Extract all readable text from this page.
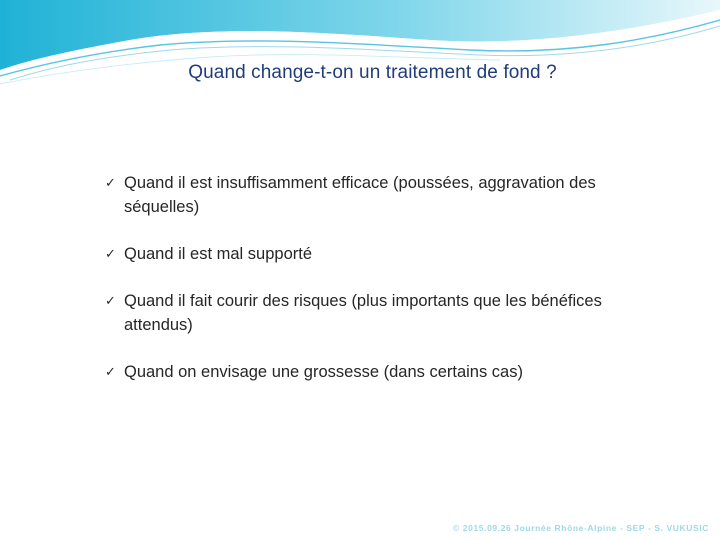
Quand change-t-on un traitement de fond ?
✓ Quand il est insuffisamment efficace (poussées, aggravation des séquelles)
✓ Quand il est mal supporté
✓ Quand il fait courir des risques (plus importants que les bénéfices attendus)
✓ Quand on envisage une grossesse (dans certains cas)
© 2015.09.26 Journée Rhône-Alpine - SEP - S. VUKUSIC
